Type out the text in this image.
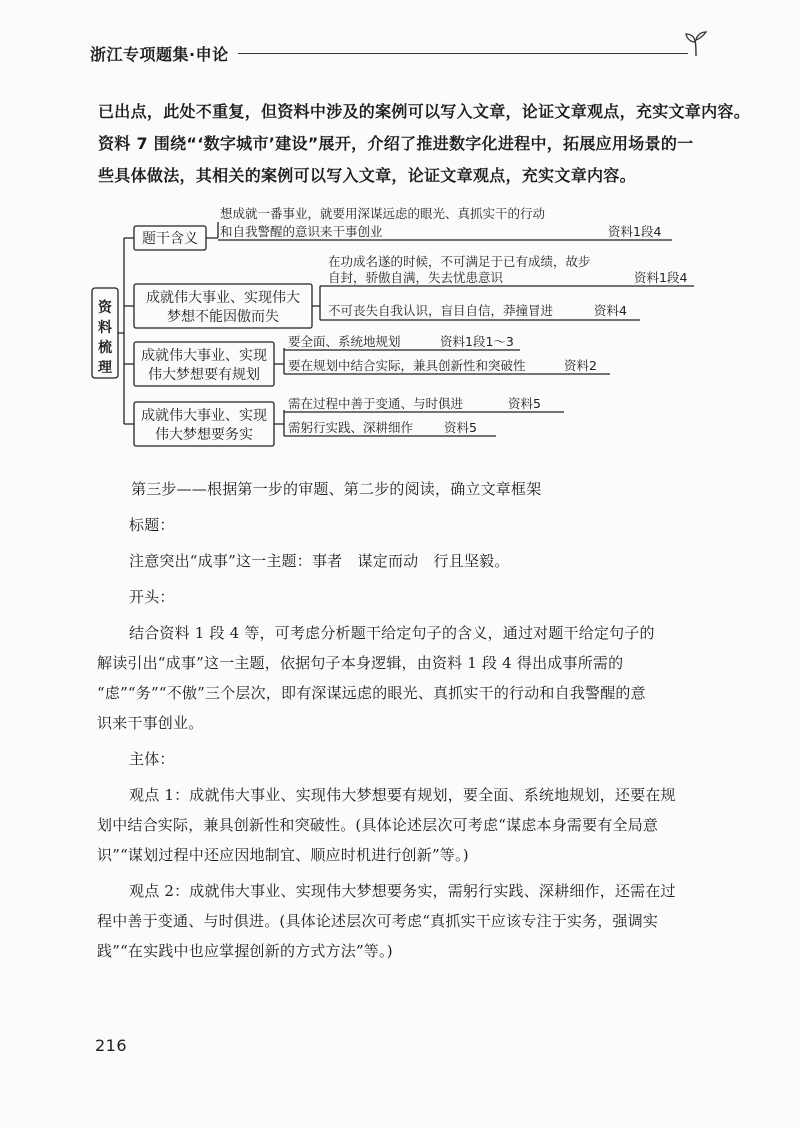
浙江专项题集·申论

已出点，此处不重复，但资料中涉及的案例可以写入文章，论证文章观点，充实文章内容。

资料 7 围绕“‘数字城市’建设”展开，介绍了推进数字化进程中，拓展应用场景的一

些具体做法，其相关的案例可以写入文章，论证文章观点，充实文章内容。

资
料
梳
理
题干含义
想成就一番事业，就要用深谋远虑的眼光、真抓实干的行动
和自我警醒的意识来干事创业	资料1段4
成就伟大事业、实现伟大
梦想不能因傲而失
在功成名遂的时候，不可满足于已有成绩，故步
自封，骄傲自满，失去忧患意识	资料1段4
不可丧失自我认识，盲目自信，莽撞冒进	资料4
成就伟大事业、实现
伟大梦想要有规划
要全面、系统地规划	资料1段1～3
要在规划中结合实际，兼具创新性和突破性	资料2
成就伟大事业、实现
伟大梦想要务实
需在过程中善于变通、与时俱进	资料5
需躬行实践、深耕细作 资料5

第三步——根据第一步的审题、第二步的阅读，确立文章框架

标题：

注意突出“成事”这一主题：事者　谋定而动　行且坚毅。

开头：

结合资料 1 段 4 等，可考虑分析题干给定句子的含义，通过对题干给定句子的

解读引出“成事”这一主题，依据句子本身逻辑，由资料 1 段 4 得出成事所需的

“虑”“务”“不傲”三个层次，即有深谋远虑的眼光、真抓实干的行动和自我警醒的意

识来干事创业。

主体：

观点 1：成就伟大事业、实现伟大梦想要有规划，要全面、系统地规划，还要在规

划中结合实际，兼具创新性和突破性。(具体论述层次可考虑“谋虑本身需要有全局意

识”“谋划过程中还应因地制宜、顺应时机进行创新”等。)

观点 2：成就伟大事业、实现伟大梦想要务实，需躬行实践、深耕细作，还需在过

程中善于变通、与时俱进。(具体论述层次可考虑“真抓实干应该专注于实务，强调实

践”“在实践中也应掌握创新的方式方法”等。)

216
